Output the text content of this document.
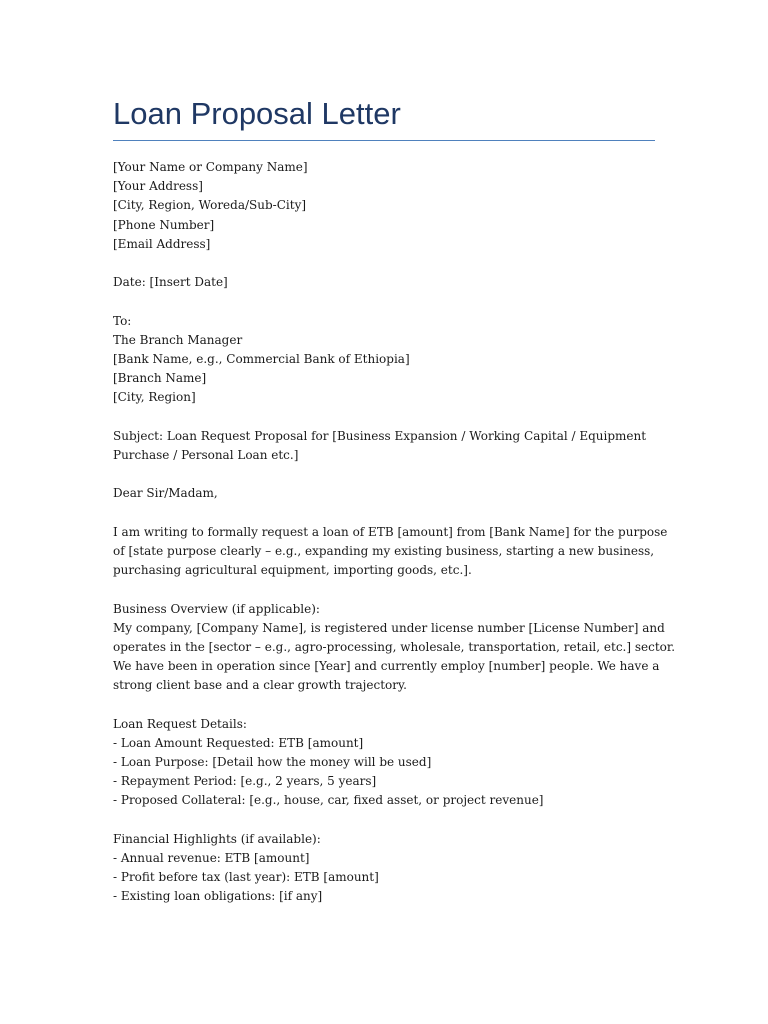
Loan Proposal Letter
[Your Name or Company Name]
[Your Address]
[City, Region, Woreda/Sub-City]
[Phone Number]
[Email Address]
Date: [Insert Date]
To:
The Branch Manager
[Bank Name, e.g., Commercial Bank of Ethiopia]
[Branch Name]
[City, Region]
Subject: Loan Request Proposal for [Business Expansion / Working Capital / Equipment
Purchase / Personal Loan etc.]
Dear Sir/Madam,
I am writing to formally request a loan of ETB [amount] from [Bank Name] for the purpose
of [state purpose clearly – e.g., expanding my existing business, starting a new business,
purchasing agricultural equipment, importing goods, etc.].
Business Overview (if applicable):
My company, [Company Name], is registered under license number [License Number] and
operates in the [sector – e.g., agro-processing, wholesale, transportation, retail, etc.] sector.
We have been in operation since [Year] and currently employ [number] people. We have a
strong client base and a clear growth trajectory.
Loan Request Details:
- Loan Amount Requested: ETB [amount]
- Loan Purpose: [Detail how the money will be used]
- Repayment Period: [e.g., 2 years, 5 years]
- Proposed Collateral: [e.g., house, car, fixed asset, or project revenue]
Financial Highlights (if available):
- Annual revenue: ETB [amount]
- Profit before tax (last year): ETB [amount]
- Existing loan obligations: [if any]
